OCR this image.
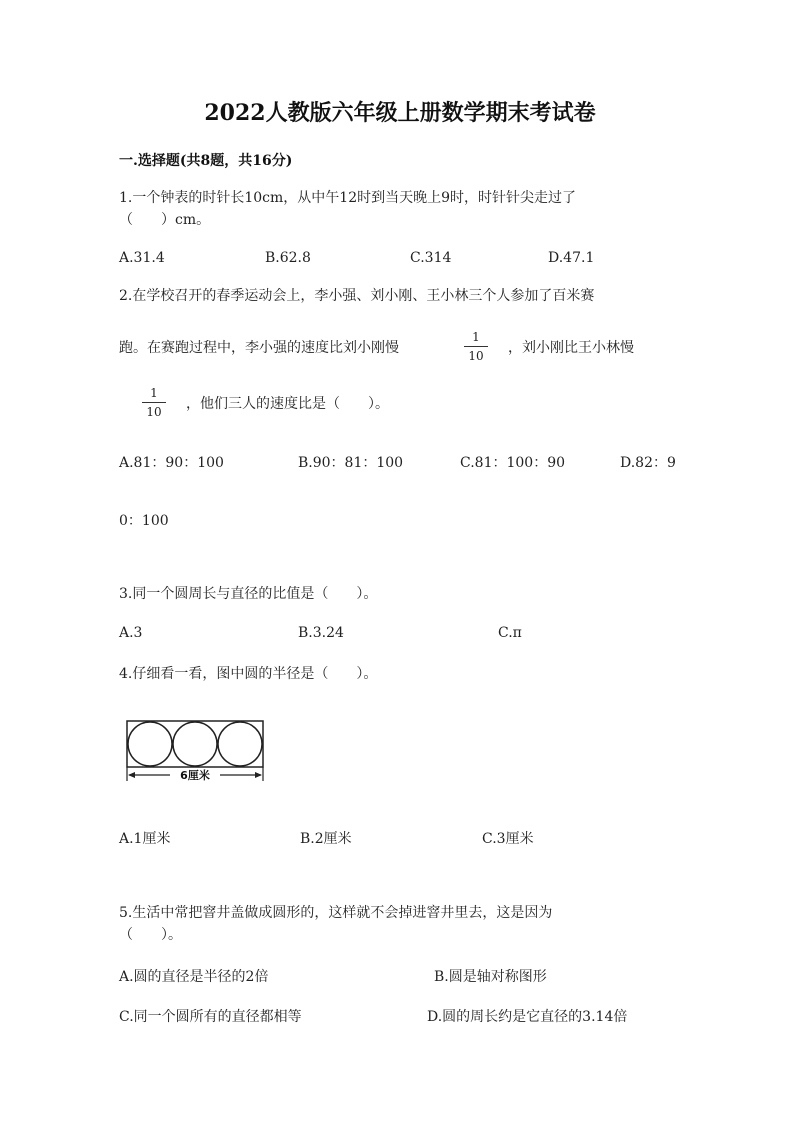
2022人教版六年级上册数学期末考试卷
一.选择题(共8题，共16分)
1.一个钟表的时针长10cm，从中午12时到当天晚上9时，时针针尖走过了
（　　）cm。
A.31.4	B.62.8	C.314	D.47.1
2.在学校召开的春季运动会上，李小强、刘小刚、王小林三个人参加了百米赛
跑。在赛跑过程中，李小强的速度比刘小刚慢
1
10	，刘小刚比王小林慢
1
10	，他们三人的速度比是（　　）。
A.81：90：100	B.90：81：100	C.81：100：90	D.82：9
0：100
3.同一个圆周长与直径的比值是（　　）。
A.3	B.3.24	C.π
4.仔细看一看，图中圆的半径是（　　）。
6厘米
A.1厘米	B.2厘米	C.3厘米
5.生活中常把窨井盖做成圆形的，这样就不会掉进窨井里去，这是因为
（　　）。
A.圆的直径是半径的2倍	B.圆是轴对称图形
C.同一个圆所有的直径都相等	D.圆的周长约是它直径的3.14倍
